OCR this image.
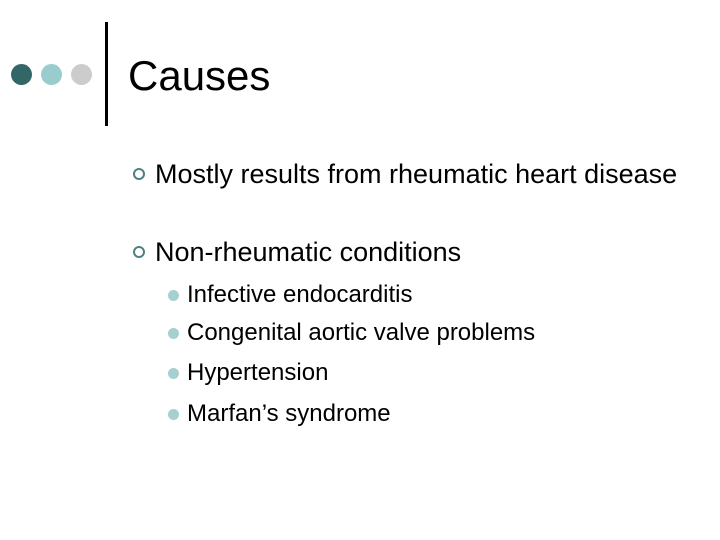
Causes
Mostly results from rheumatic heart disease
Non-rheumatic conditions
Infective endocarditis
Congenital aortic valve problems
Hypertension
Marfan’s syndrome
